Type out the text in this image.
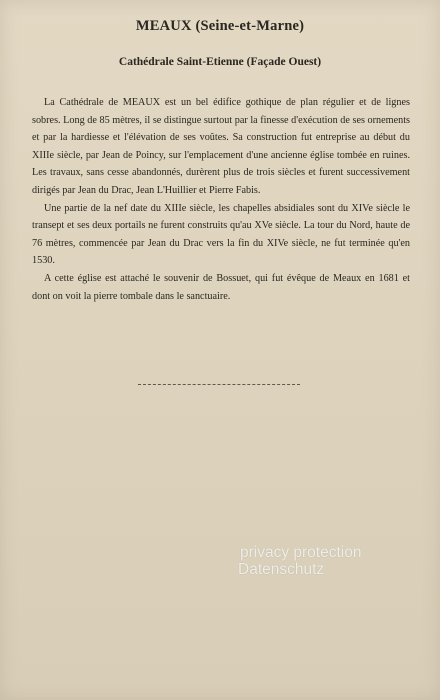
MEAUX (Seine-et-Marne)
Cathédrale Saint-Etienne (Façade Ouest)

La Cathédrale de MEAUX est un bel édifice gothique de plan régulier et de lignes sobres. Long de 85 mètres, il se distingue surtout par la finesse d'exécution de ses ornements et par la hardiesse et l'élévation de ses voûtes. Sa construction fut entreprise au début du XIIIe siècle, par Jean de Poincy, sur l'emplacement d'une ancienne église tombée en ruines. Les travaux, sans cesse abandonnés, durèrent plus de trois siècles et furent successivement dirigés par Jean du Drac, Jean L'Huillier et Pierre Fabis.

Une partie de la nef date du XIIIe siècle, les chapelles absidiales sont du XIVe siècle le transept et ses deux portails ne furent construits qu'au XVe siècle. La tour du Nord, haute de 76 mètres, commencée par Jean du Drac vers la fin du XIVe siècle, ne fut terminée qu'en 1530.

A cette église est attaché le souvenir de Bossuet, qui fut évêque de Meaux en 1681 et dont on voit la pierre tombale dans le sanctuaire.

privacy protection
Datenschutz
